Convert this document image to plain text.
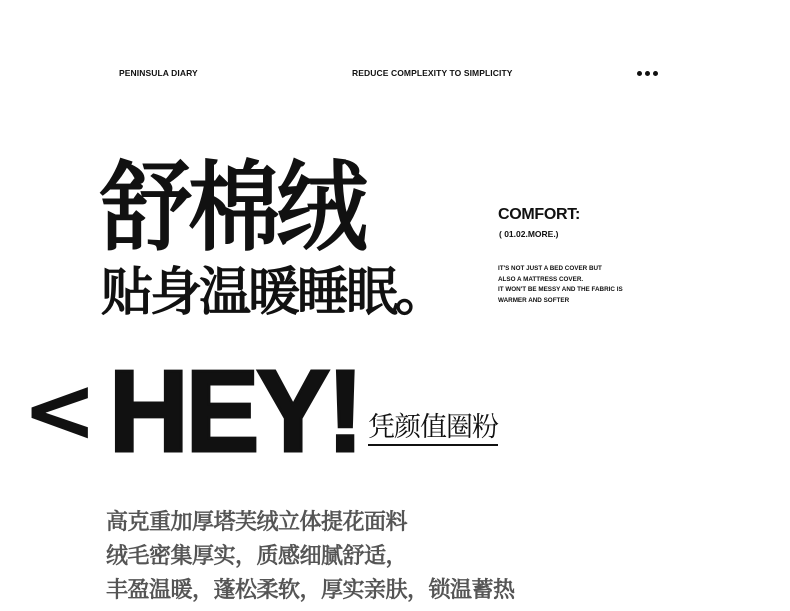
PENINSULA DIARY	REDUCE COMPLEXITY TO SIMPLICITY
舒棉绒
贴身温暖睡眠。
COMFORT:
( 01.02.MORE.)
IT'S NOT JUST A BED COVER BUT
ALSO A MATTRESS COVER.
IT WON'T BE MESSY AND THE FABRIC IS
WARMER AND SOFTER
< HEY! 凭颜值圈粉
高克重加厚塔芙绒立体提花面料
绒毛密集厚实，质感细腻舒适，
丰盈温暖，蓬松柔软，厚实亲肤，锁温蓄热
